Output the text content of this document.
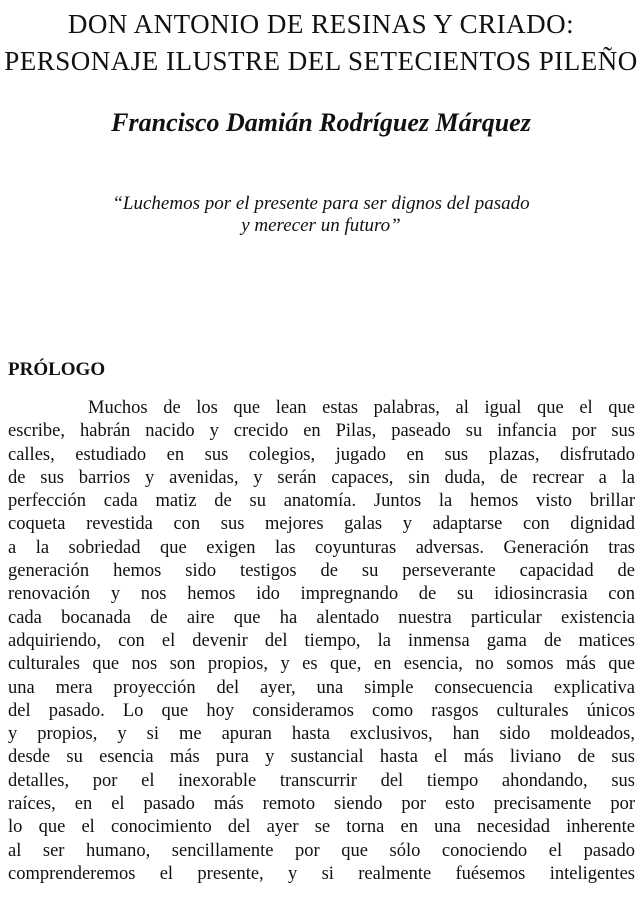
DON ANTONIO DE RESINAS Y CRIADO:
PERSONAJE ILUSTRE DEL SETECIENTOS PILEÑO
Francisco Damián Rodríguez Márquez
“Luchemos por el presente para ser dignos del pasado
y merecer un futuro”
PRÓLOGO
Muchos de los que lean estas palabras, al igual que el que
escribe, habrán nacido y crecido en Pilas, paseado su infancia por sus
calles, estudiado en sus colegios, jugado en sus plazas, disfrutado
de sus barrios y avenidas, y serán capaces, sin duda, de recrear a la
perfección cada matiz de su anatomía. Juntos la hemos visto brillar
coqueta revestida con sus mejores galas y adaptarse con dignidad
a la sobriedad que exigen las coyunturas adversas. Generación tras
generación hemos sido testigos de su perseverante capacidad de
renovación y nos hemos ido impregnando de su idiosincrasia con
cada bocanada de aire que ha alentado nuestra particular existencia
adquiriendo, con el devenir del tiempo, la inmensa gama de matices
culturales que nos son propios, y es que, en esencia, no somos más que
una mera proyección del ayer, una simple consecuencia explicativa
del pasado. Lo que hoy consideramos como rasgos culturales únicos
y propios, y si me apuran hasta exclusivos, han sido moldeados,
desde su esencia más pura y sustancial hasta el más liviano de sus
detalles, por el inexorable transcurrir del tiempo ahondando, sus
raíces, en el pasado más remoto siendo por esto precisamente por
lo que el conocimiento del ayer se torna en una necesidad inherente
al ser humano, sencillamente por que sólo conociendo el pasado
comprenderemos el presente, y si realmente fuésemos inteligentes
